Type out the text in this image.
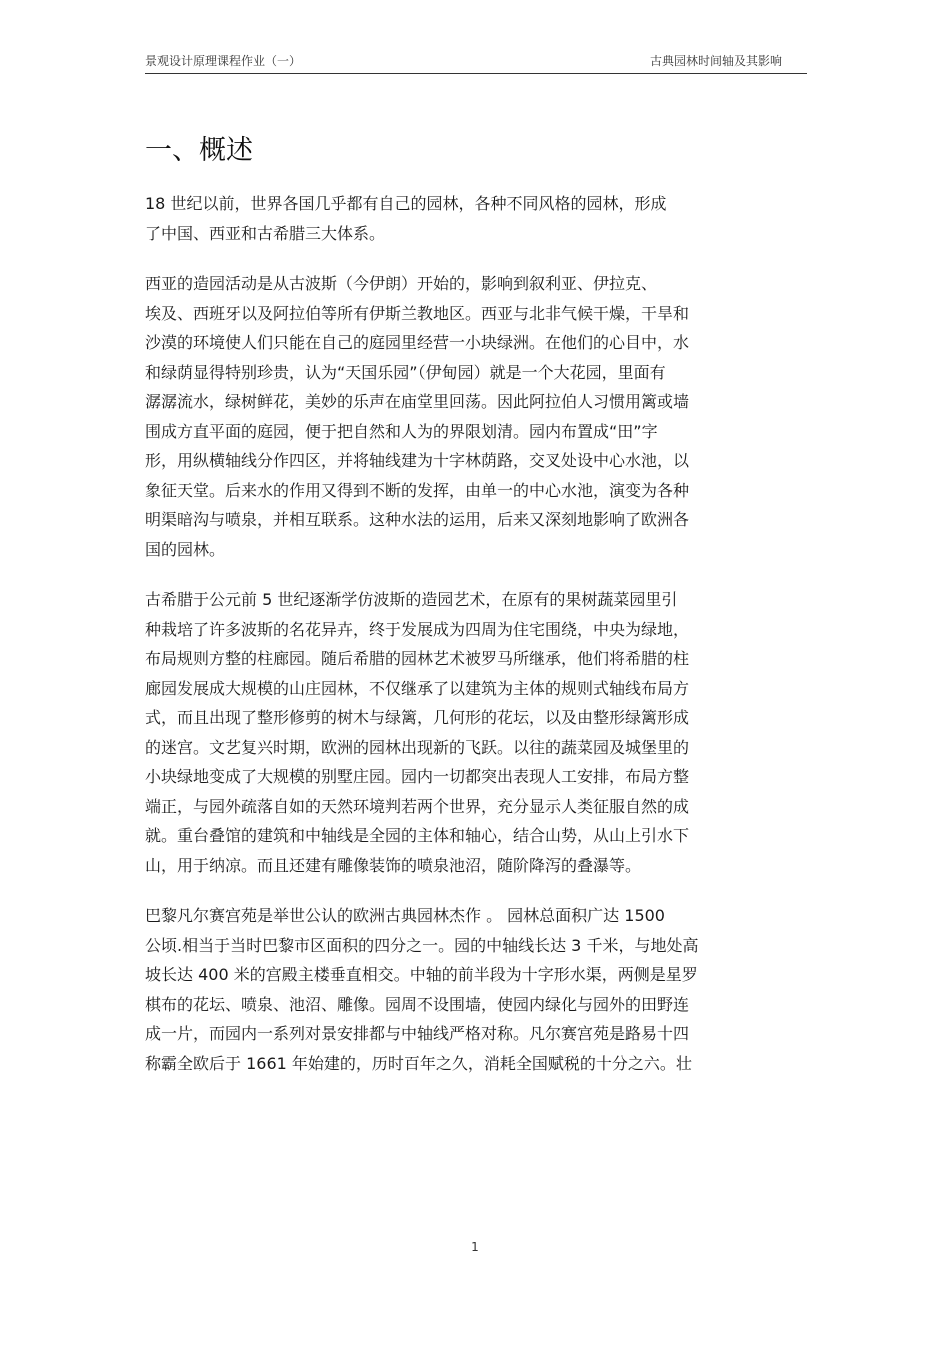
景观设计原理课程作业（一）	古典园林时间轴及其影响
一、概述

18 世纪以前，世界各国几乎都有自己的园林，各种不同风格的园林，形成
了中国、西亚和古希腊三大体系。

西亚的造园活动是从古波斯（今伊朗）开始的，影响到叙利亚、伊拉克、
埃及、西班牙以及阿拉伯等所有伊斯兰教地区。西亚与北非气候干燥，干旱和
沙漠的环境使人们只能在自己的庭园里经营一小块绿洲。在他们的心目中，水
和绿荫显得特别珍贵，认为“天国乐园”（伊甸园）就是一个大花园，里面有
潺潺流水，绿树鲜花，美妙的乐声在庙堂里回荡。因此阿拉伯人习惯用篱或墙
围成方直平面的庭园，便于把自然和人为的界限划清。园内布置成“田”字
形，用纵横轴线分作四区，并将轴线建为十字林荫路，交叉处设中心水池，以
象征天堂。后来水的作用又得到不断的发挥，由单一的中心水池，演变为各种
明渠暗沟与喷泉，并相互联系。这种水法的运用，后来又深刻地影响了欧洲各
国的园林。

古希腊于公元前 5 世纪逐渐学仿波斯的造园艺术，在原有的果树蔬菜园里引
种栽培了许多波斯的名花异卉，终于发展成为四周为住宅围绕，中央为绿地，
布局规则方整的柱廊园。随后希腊的园林艺术被罗马所继承，他们将希腊的柱
廊园发展成大规模的山庄园林，不仅继承了以建筑为主体的规则式轴线布局方
式，而且出现了整形修剪的树木与绿篱，几何形的花坛，以及由整形绿篱形成
的迷宫。文艺复兴时期，欧洲的园林出现新的飞跃。以往的蔬菜园及城堡里的
小块绿地变成了大规模的别墅庄园。园内一切都突出表现人工安排，布局方整
端正，与园外疏落自如的天然环境判若两个世界，充分显示人类征服自然的成
就。重台叠馆的建筑和中轴线是全园的主体和轴心，结合山势，从山上引水下
山，用于纳凉。而且还建有雕像装饰的喷泉池沼，随阶降泻的叠瀑等。

巴黎凡尔赛宫苑是举世公认的欧洲古典园林杰作 。 园林总面积广达 1500
公顷.相当于当时巴黎市区面积的四分之一。园的中轴线长达 3 千米，与地处高
坡长达 400 米的宫殿主楼垂直相交。中轴的前半段为十字形水渠，两侧是星罗
棋布的花坛、喷泉、池沼、雕像。园周不设围墙，使园内绿化与园外的田野连
成一片，而园内一系列对景安排都与中轴线严格对称。凡尔赛宫苑是路易十四
称霸全欧后于 1661 年始建的，历时百年之久，消耗全国赋税的十分之六。壮

1
